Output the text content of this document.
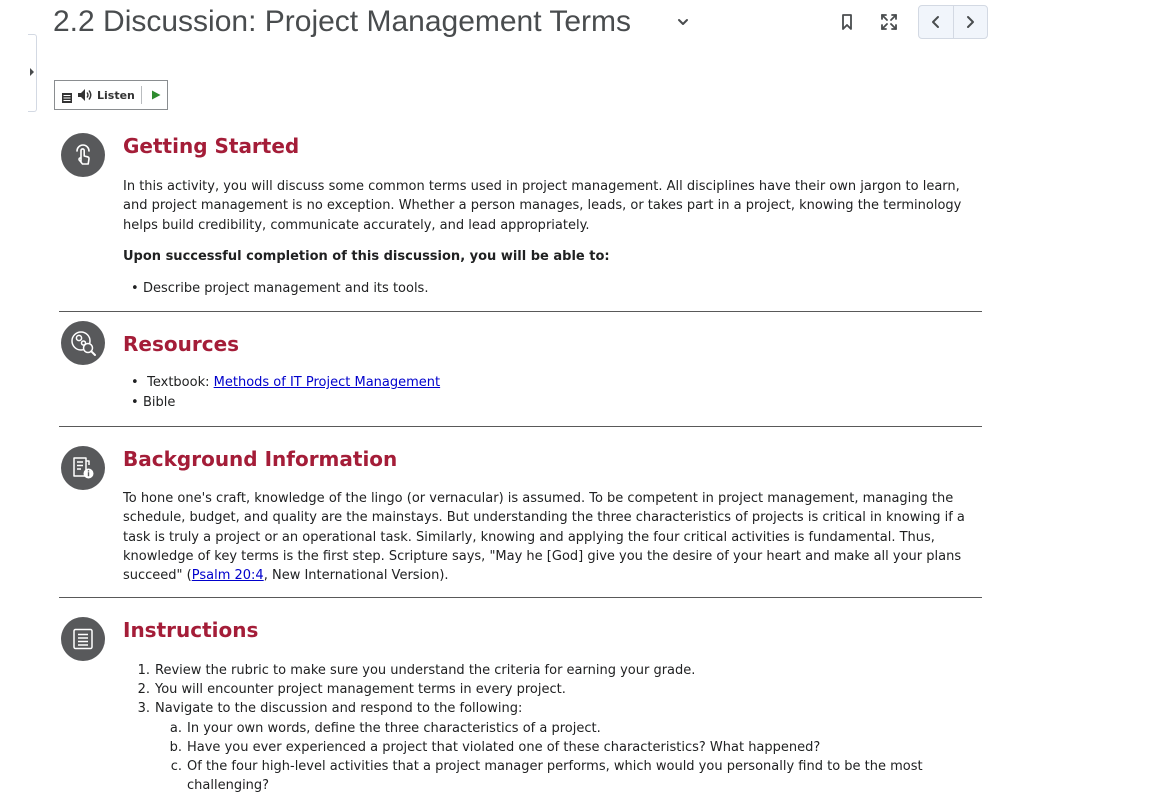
2.2 Discussion: Project Management Terms
Listen
Getting Started

In this activity, you will discuss some common terms used in project management. All disciplines have their own jargon to learn, and project management is no exception. Whether a person manages, leads, or takes part in a project, knowing the terminology helps build credibility, communicate accurately, and lead appropriately.

Upon successful completion of this discussion, you will be able to:

• Describe project management and its tools.
Resources
• Textbook: Methods of IT Project Management
• Bible
Background Information

To hone one's craft, knowledge of the lingo (or vernacular) is assumed. To be competent in project management, managing the schedule, budget, and quality are the mainstays. But understanding the three characteristics of projects is critical in knowing if a task is truly a project or an operational task. Similarly, knowing and applying the four critical activities is fundamental. Thus, knowledge of key terms is the first step. Scripture says, "May he [God] give you the desire of your heart and make all your plans succeed" (Psalm 20:4, New International Version).

Instructions
1. Review the rubric to make sure you understand the criteria for earning your grade.
2. You will encounter project management terms in every project.
3. Navigate to the discussion and respond to the following:
a. In your own words, define the three characteristics of a project.
b. Have you ever experienced a project that violated one of these characteristics? What happened?
c. Of the four high-level activities that a project manager performs, which would you personally find to be the most challenging?
